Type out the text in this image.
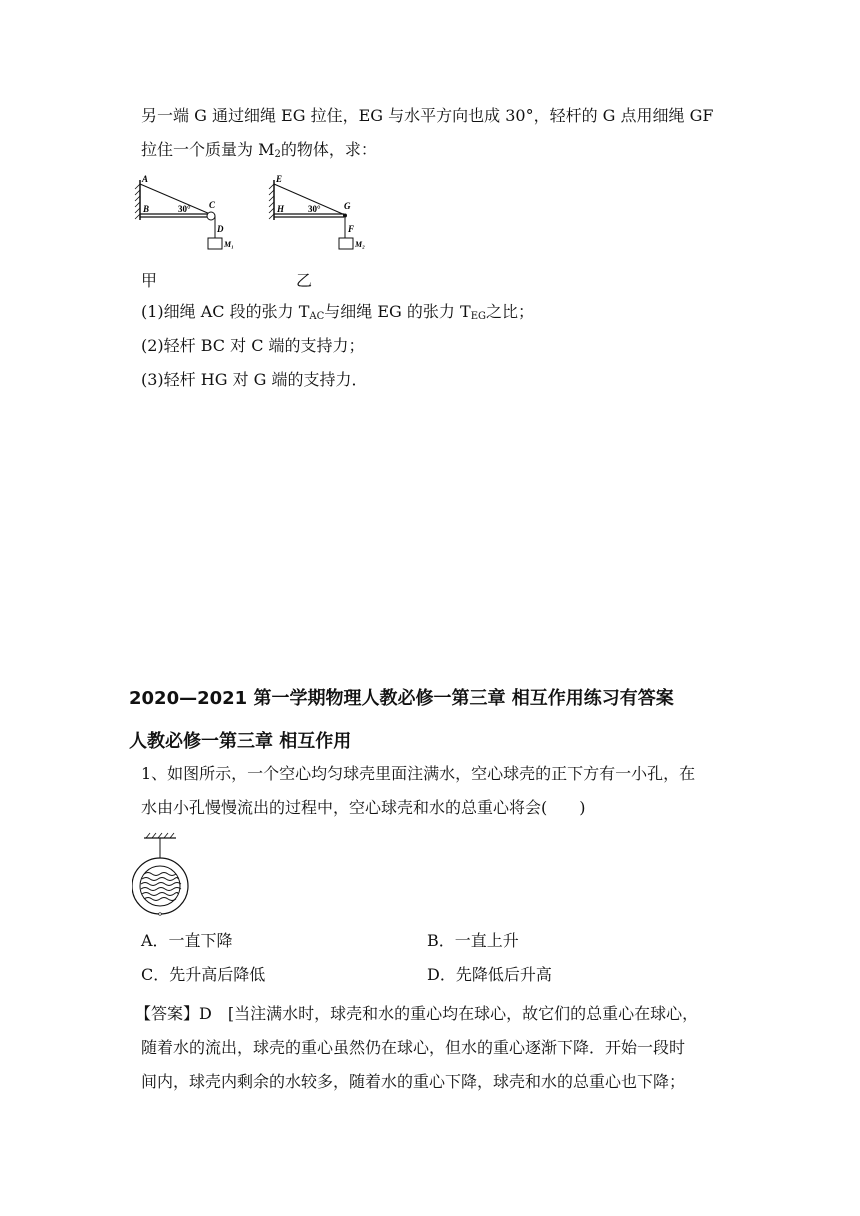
另一端 G 通过细绳 EG 拉住，EG 与水平方向也成 30°，轻杆的 G 点用细绳 GF
拉住一个质量为 $M_2$的物体，求：
A
B	30° C
D
M₁
E
H	30°	G
F
M₂
甲	乙
(1)细绳 AC 段的张力 $T_{AC}$与细绳 EG 的张力 $T_{EG}$之比；
(2)轻杆 BC 对 C 端的支持力；
(3)轻杆 HG 对 G 端的支持力．
2020—2021 第一学期物理人教必修一第三章 相互作用练习有答案
人教必修一第三章 相互作用
1、如图所示，一个空心均匀球壳里面注满水，空心球壳的正下方有一小孔，在
水由小孔慢慢流出的过程中，空心球壳和水的总重心将会(　　)
A．一直下降	B．一直上升
C．先升高后降低	D．先降低后升高
【答案】D　[当注满水时，球壳和水的重心均在球心，故它们的总重心在球心，
随着水的流出，球壳的重心虽然仍在球心，但水的重心逐渐下降．开始一段时
间内，球壳内剩余的水较多，随着水的重心下降，球壳和水的总重心也下降；
